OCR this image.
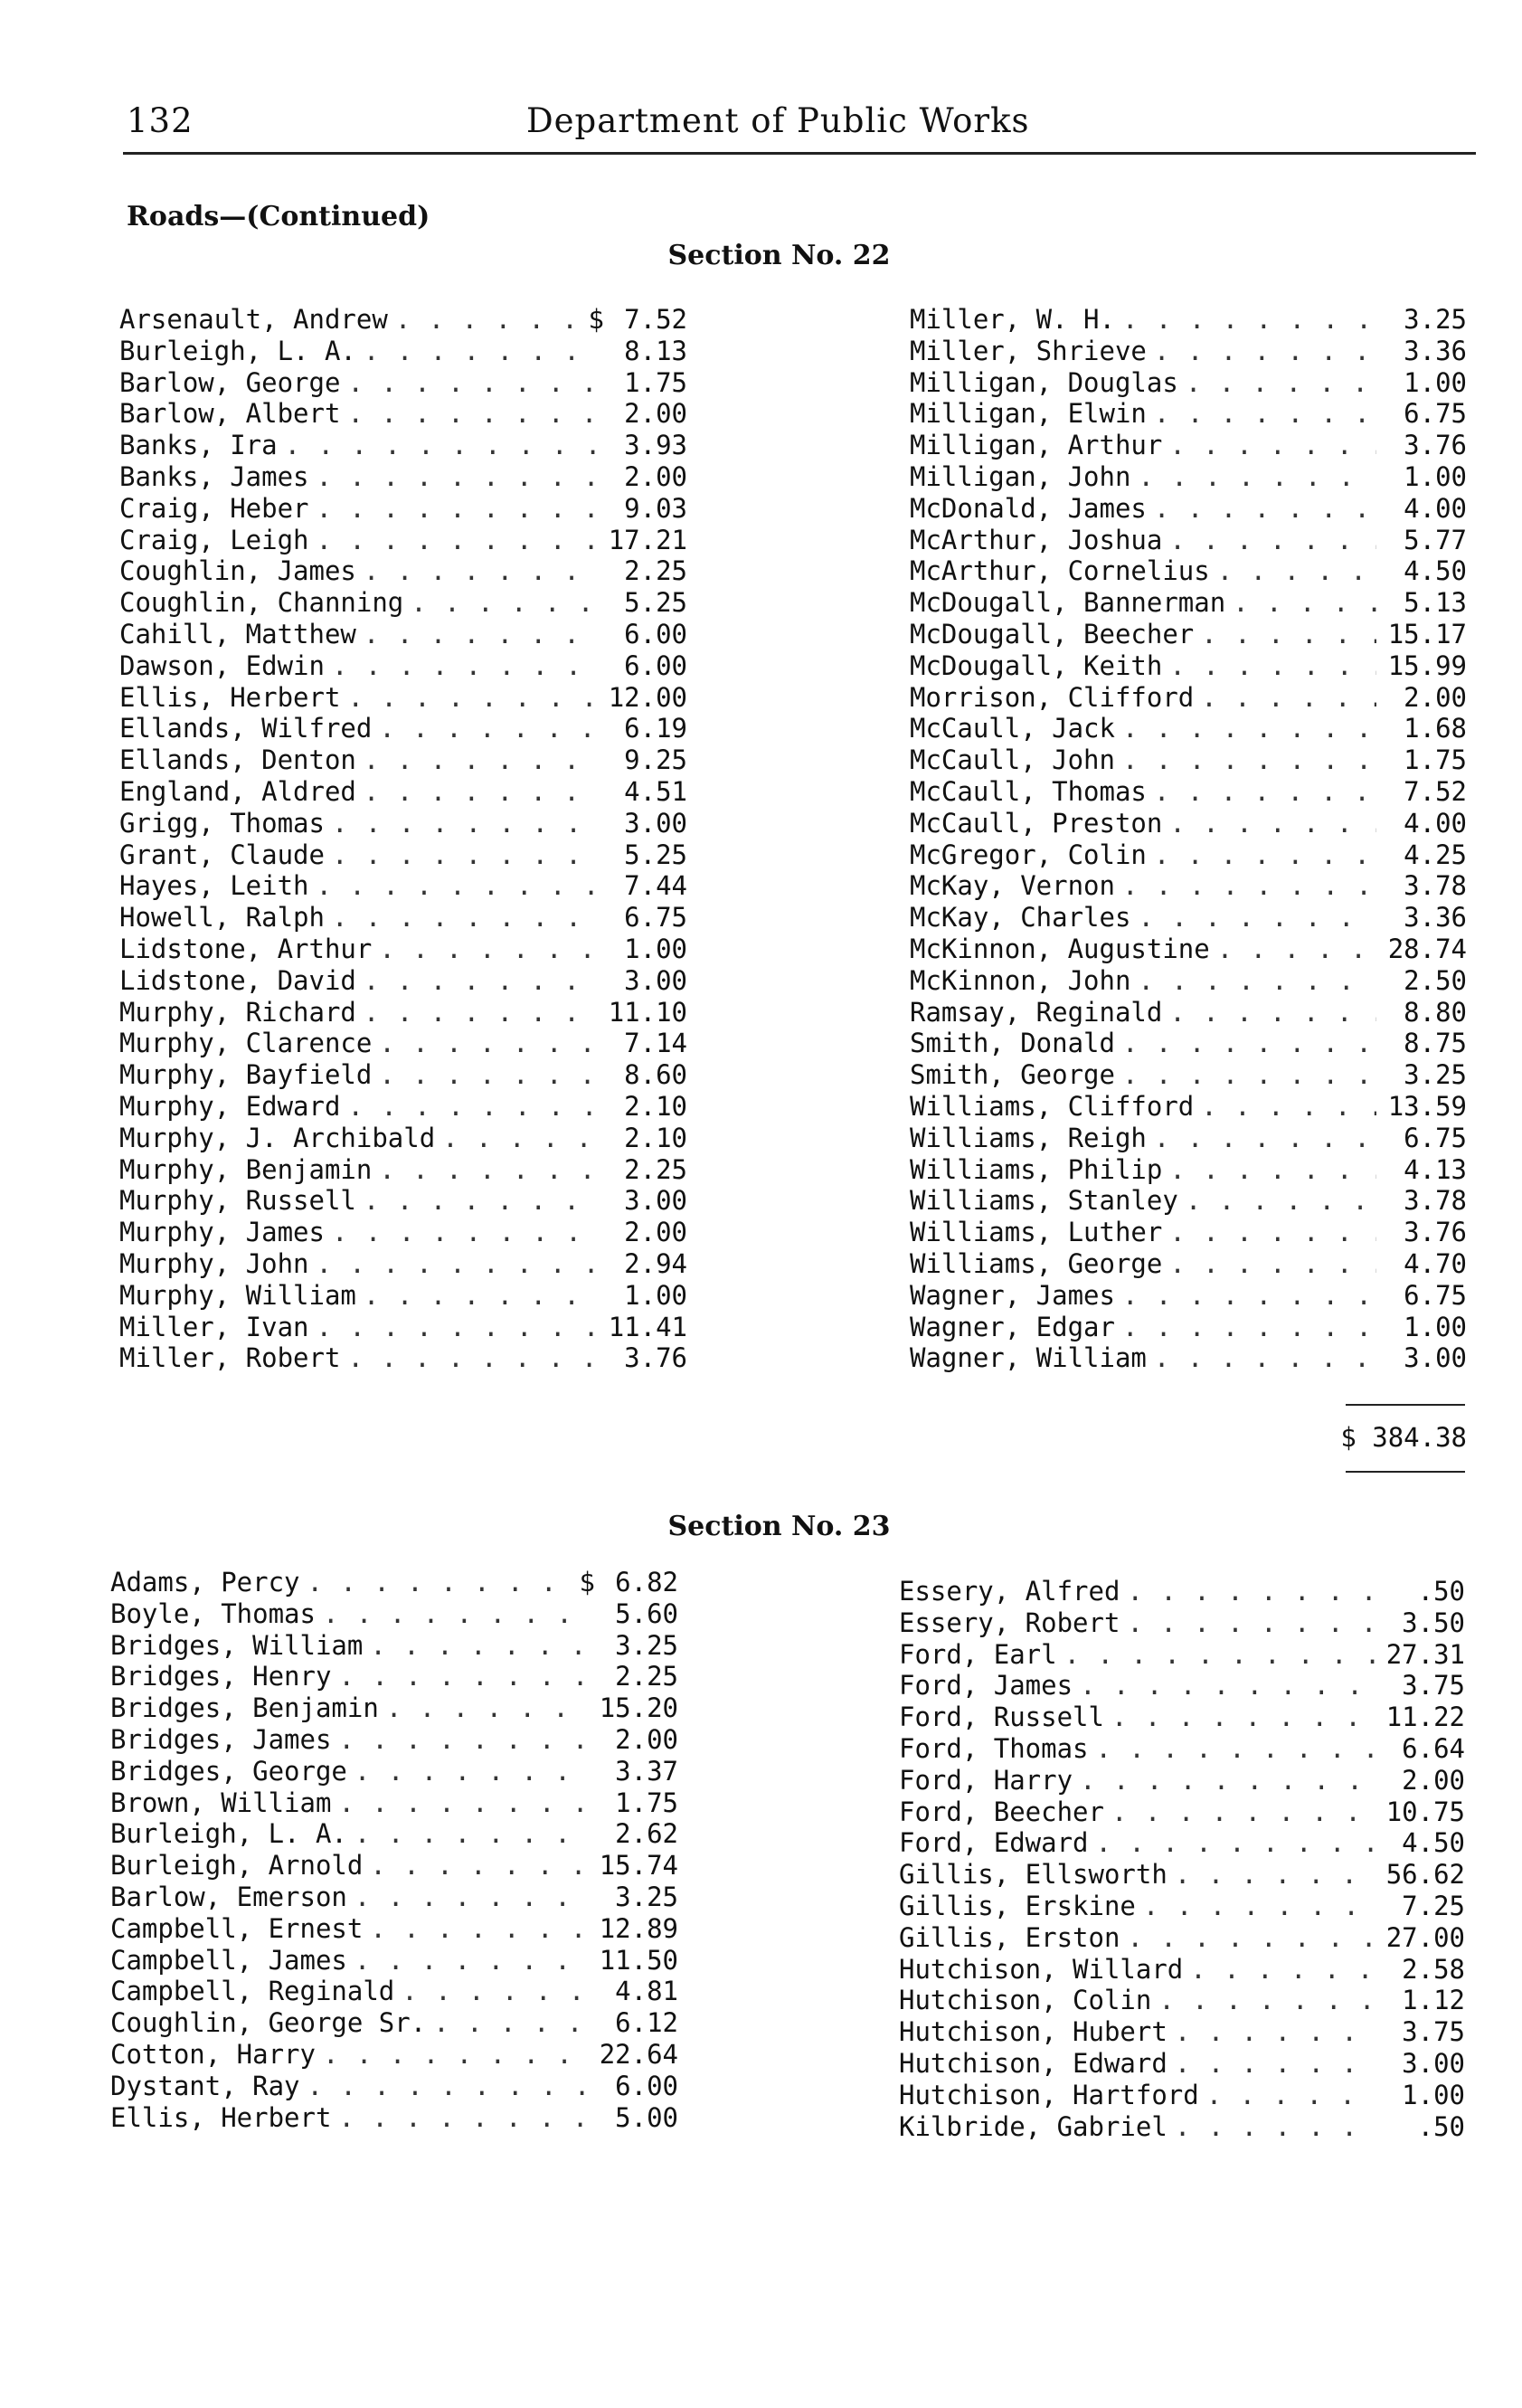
132	Department of Public Works
Roads—(Continued)
Section No. 22
Arsenault, Andrew . . .	$ 7.52
Burleigh, L. A. . . .	8.13
Barlow, George . . .	1.75
Barlow, Albert . . .	2.00
Banks, Ira . . .	3.93
Banks, James . . .	2.00
Craig, Heber . . .	9.03
Craig, Leigh . . .	17.21
Coughlin, James . . .	2.25
Coughlin, Channing . . .	5.25
Cahill, Matthew . . .	6.00
Dawson, Edwin . . .	6.00
Ellis, Herbert . . .	12.00
Ellands, Wilfred . . .	6.19
Ellands, Denton . . .	9.25
England, Aldred . . .	4.51
Grigg, Thomas . . .	3.00
Grant, Claude . . .	5.25
Hayes, Leith . . .	7.44
Howell, Ralph . . .	6.75
Lidstone, Arthur . . .	1.00
Lidstone, David . . .	3.00
Murphy, Richard . . .	11.10
Murphy, Clarence . . .	7.14
Murphy, Bayfield . . .	8.60
Murphy, Edward . . .	2.10
Murphy, J. Archibald . . .	2.10
Murphy, Benjamin . . .	2.25
Murphy, Russell . . .	3.00
Murphy, James . . .	2.00
Murphy, John . . .	2.94
Murphy, William . . .	1.00
Miller, Ivan . . .	11.41
Miller, Robert . . .	3.76
Miller, W. H. . . .	3.25
Miller, Shrieve . . .	3.36
Milligan, Douglas . . .	1.00
Milligan, Elwin . . .	6.75
Milligan, Arthur . . .	3.76
Milligan, John . . .	1.00
McDonald, James . . .	4.00
McArthur, Joshua . . .	5.77
McArthur, Cornelius . . .	4.50
McDougall, Bannerman . . .	5.13
McDougall, Beecher . . .	15.17
McDougall, Keith . . .	15.99
Morrison, Clifford . . .	2.00
McCaull, Jack . . .	1.68
McCaull, John . . .	1.75
McCaull, Thomas . . .	7.52
McCaull, Preston . . .	4.00
McGregor, Colin . . .	4.25
McKay, Vernon . . .	3.78
McKay, Charles . . .	3.36
McKinnon, Augustine . . .	28.74
McKinnon, John . . .	2.50
Ramsay, Reginald . . .	8.80
Smith, Donald . . .	8.75
Smith, George . . .	3.25
Williams, Clifford . . .	13.59
Williams, Reigh . . .	6.75
Williams, Philip . . .	4.13
Williams, Stanley . . .	3.78
Williams, Luther . . .	3.76
Williams, George . . .	4.70
Wagner, James . . .	6.75
Wagner, Edgar . . .	1.00
Wagner, William . . .	3.00
$ 384.38
Section No. 23
Adams, Percy . . .	$ 6.82
Boyle, Thomas . . .	5.60
Bridges, William . . .	3.25
Bridges, Henry . . .	2.25
Bridges, Benjamin . . .	15.20
Bridges, James . . .	2.00
Bridges, George . . .	3.37
Brown, William . . .	1.75
Burleigh, L. A. . . .	2.62
Burleigh, Arnold . . .	15.74
Barlow, Emerson . . .	3.25
Campbell, Ernest . . .	12.89
Campbell, James . . .	11.50
Campbell, Reginald . . .	4.81
Coughlin, George Sr. . . .	6.12
Cotton, Harry . . .	22.64
Dystant, Ray . . .	6.00
Ellis, Herbert . . .	5.00
Essery, Alfred . . .	.50
Essery, Robert . . .	3.50
Ford, Earl . . .	27.31
Ford, James . . .	3.75
Ford, Russell . . .	11.22
Ford, Thomas . . .	6.64
Ford, Harry . . .	2.00
Ford, Beecher . . .	10.75
Ford, Edward . . .	4.50
Gillis, Ellsworth . . .	56.62
Gillis, Erskine . . .	7.25
Gillis, Erston . . .	27.00
Hutchison, Willard . . .	2.58
Hutchison, Colin . . .	1.12
Hutchison, Hubert . . .	3.75
Hutchison, Edward . . .	3.00
Hutchison, Hartford . . .	1.00
Kilbride, Gabriel . . .	.50
